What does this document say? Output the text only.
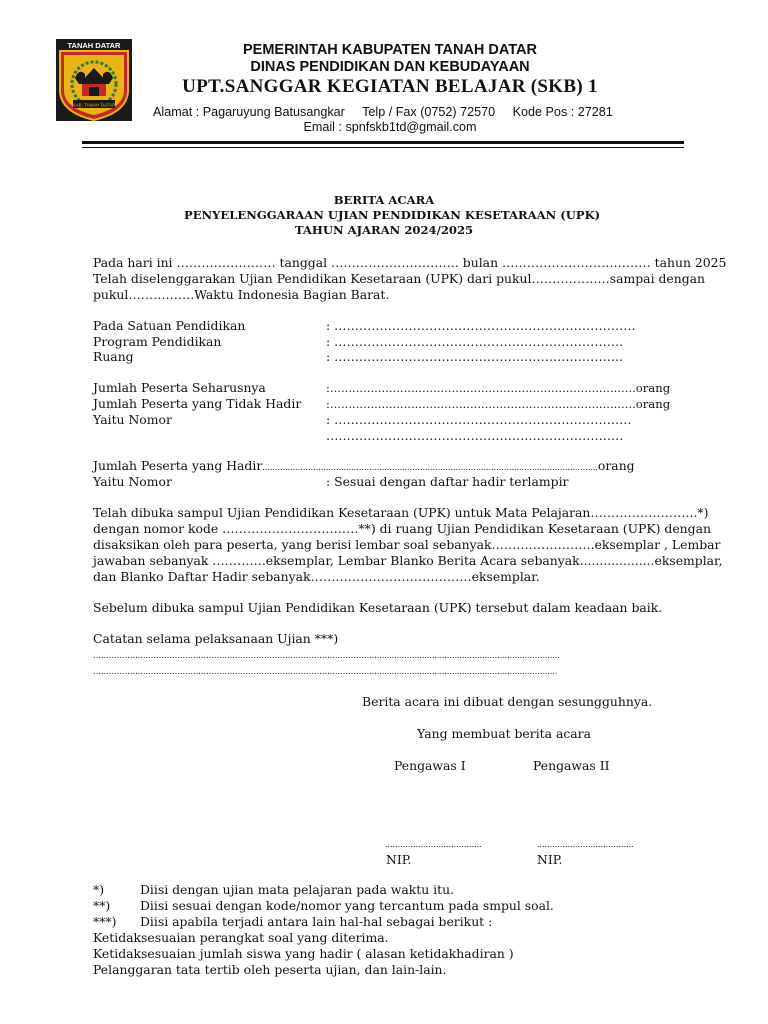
TANAH DATAR
KAB. TANAH DATAR
PEMERINTAH KABUPATEN TANAH DATAR
DINAS PENDIDIKAN DAN KEBUDAYAAN
UPT.SANGGAR KEGIATAN BELAJAR (SKB) 1
Alamat : Pagaruyung Batusangkar Telp / Fax (0752) 72570 Kode Pos : 27281
Email : spnfskb1td@gmail.com
BERITA ACARA
PENYELENGGARAAN UJIAN PENDIDIKAN KESETARAAN (UPK)
TAHUN AJARAN 2024/2025
Pada hari ini …………………… tanggal …………………………. bulan ……………………………… tahun 2025
Telah diselenggarakan Ujian Pendidikan Kesetaraan (UPK) dari pukul……………….sampai dengan
pukul…………….Waktu Indonesia Bagian Barat.
Pada Satuan Pendidikan	: ……………………………………………………………….
Program Pendidikan	: …………………………………………………………….
Ruang	: …………………………………………………………….
Jumlah Peserta Seharusnya	:...................................................................................orang
Jumlah Peserta yang Tidak Hadir :...................................................................................orang
Yaitu Nomor	: ………………………………………………………………
………………………………………………………………
Jumlah Peserta yang Hadir....................................................................................................................................orang
Yaitu Nomor	: Sesuai dengan daftar hadir terlampir
Telah dibuka sampul Ujian Pendidikan Kesetaraan (UPK) untuk Mata Pelajaran……………………..*)
dengan nomor kode ……………………………**) di ruang Ujian Pendidikan Kesetaraan (UPK) dengan
disaksikan oleh para peserta, yang berisi lembar soal sebanyak…………………….eksemplar , Lembar
jawaban sebanyak ………….eksemplar, Lembar Blanko Berita Acara sebanyak...................eksemplar,
dan Blanko Daftar Hadir sebanyak…………………………………eksemplar.
Sebelum dibuka sampul Ujian Pendidikan Kesetaraan (UPK) tersebut dalam keadaan baik.
Catatan selama pelaksanaan Ujian ***)
……………………………………………………………………………………………............................................................................
……………………………………………………………………………………………...........................................................................
Berita acara ini dibuat dengan sesungguhnya.
Yang membuat berita acara
Pengawas I	Pengawas II
......................................	......................................
NIP.	NIP.
*)	Diisi dengan ujian mata pelajaran pada waktu itu.
**) Diisi sesuai dengan kode/nomor yang tercantum pada smpul soal.
***) Diisi apabila terjadi antara lain hal-hal sebagai berikut :
Ketidaksesuaian perangkat soal yang diterima.
Ketidaksesuaian jumlah siswa yang hadir ( alasan ketidakhadiran )
Pelanggaran tata tertib oleh peserta ujian, dan lain-lain.
